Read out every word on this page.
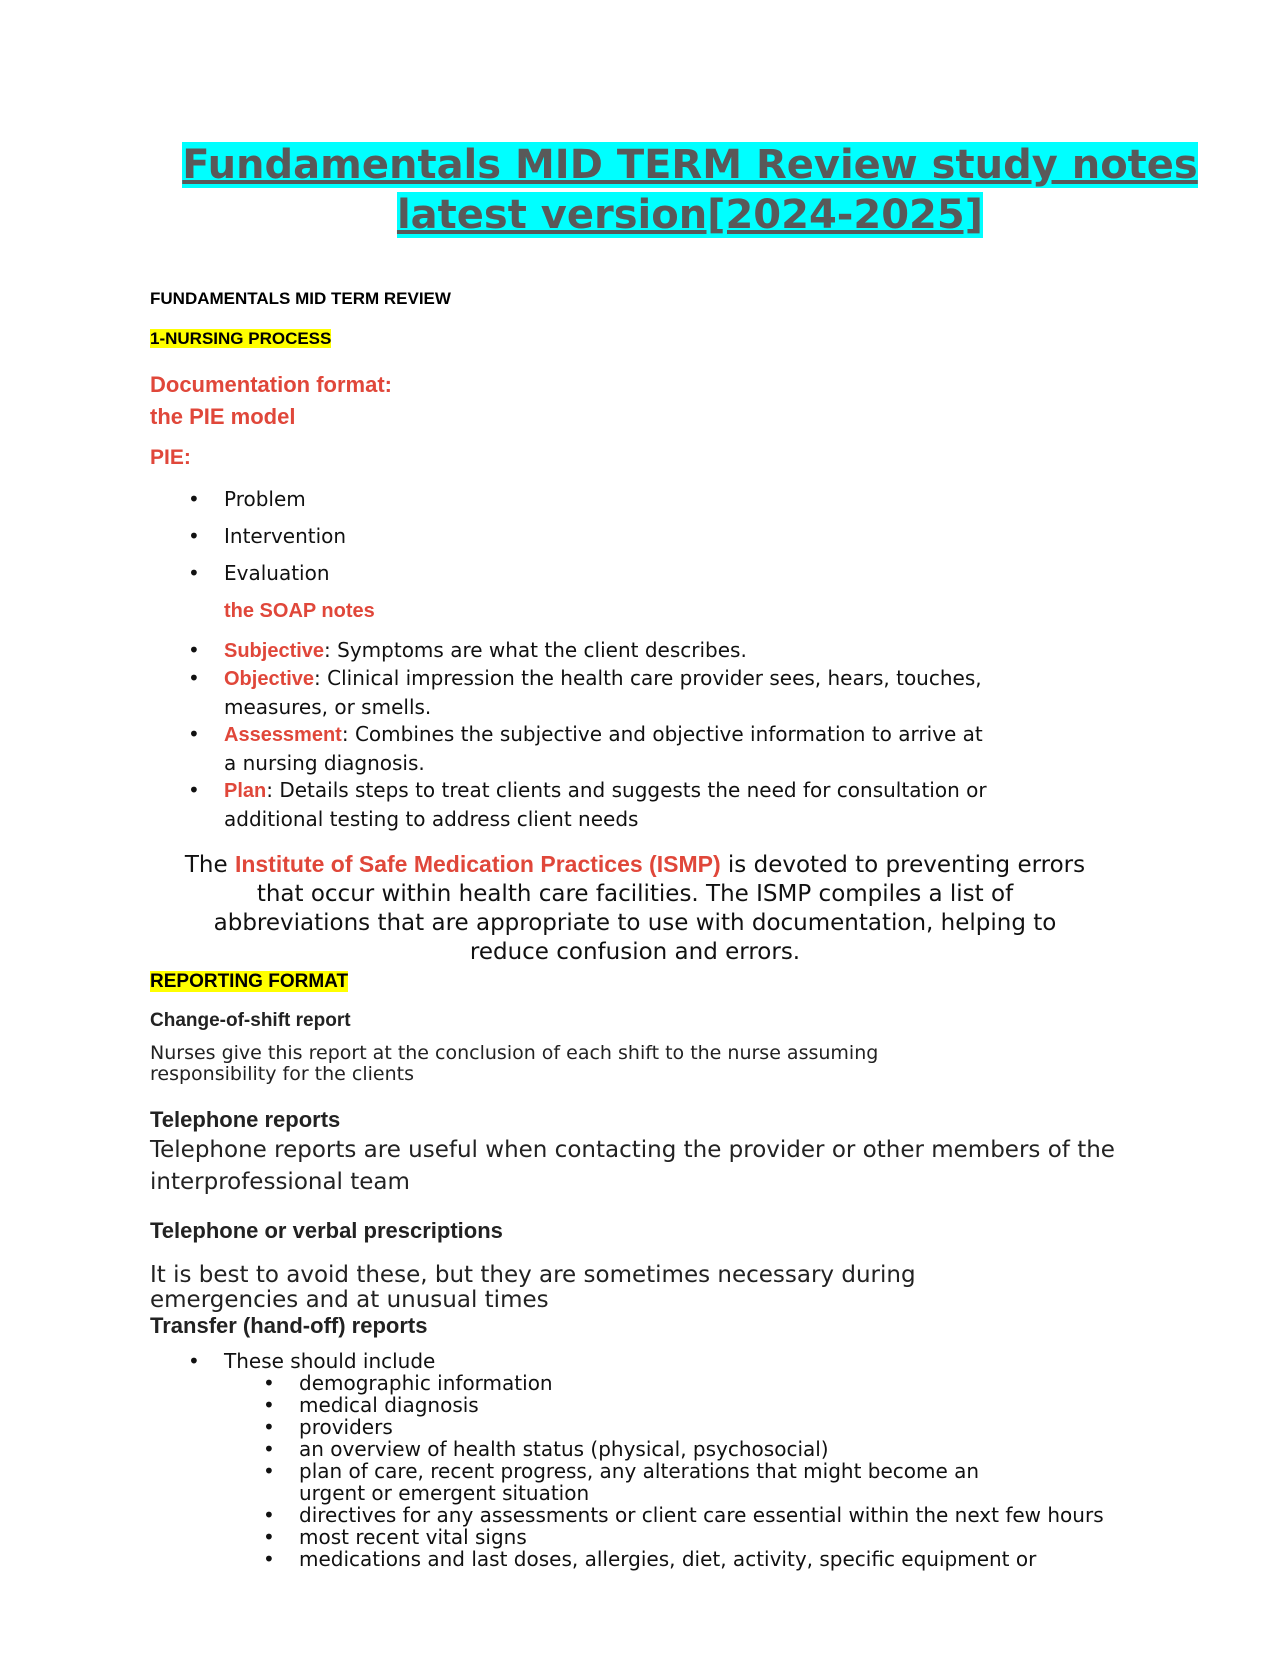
Fundamentals MID TERM Review study notes
latest version[2024-2025]
FUNDAMENTALS MID TERM REVIEW
1-NURSING PROCESS
Documentation format:
the PIE model
PIE:
• Problem
• Intervention
• Evaluation
the SOAP notes
• Subjective: Symptoms are what the client describes.
• Objective: Clinical impression the health care provider sees, hears, touches,
measures, or smells.
• Assessment: Combines the subjective and objective information to arrive at
a nursing diagnosis.
• Plan: Details steps to treat clients and suggests the need for consultation or
additional testing to address client needs
The Institute of Safe Medication Practices (ISMP) is devoted to preventing errors
that occur within health care facilities. The ISMP compiles a list of
abbreviations that are appropriate to use with documentation, helping to
reduce confusion and errors.
REPORTING FORMAT
Change-of-shift report
Nurses give this report at the conclusion of each shift to the nurse assuming
responsibility for the clients
Telephone reports
Telephone reports are useful when contacting the provider or other members of the
interprofessional team
Telephone or verbal prescriptions
It is best to avoid these, but they are sometimes necessary during
emergencies and at unusual times
Transfer (hand-off) reports
• These should include
• demographic information
• medical diagnosis
• providers
• an overview of health status (physical, psychosocial)
• plan of care, recent progress, any alterations that might become an
urgent or emergent situation
• directives for any assessments or client care essential within the next few hours
• most recent vital signs
• medications and last doses, allergies, diet, activity, specific equipment or
